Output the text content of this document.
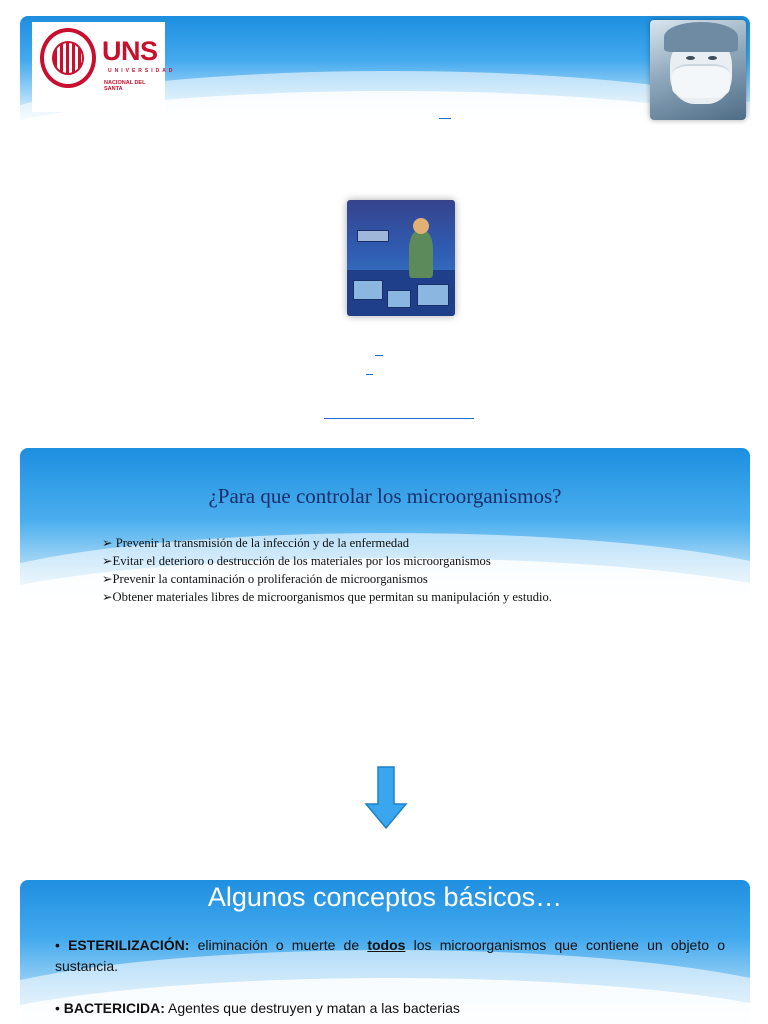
UNS
UNIVERSIDAD
NACIONAL DEL SANTA
¿Para que controlar los microorganismos?
➢ Prevenir la transmisión de la infección y de la enfermedad
➢Evitar el deterioro o destrucción de los materiales por los microorganismos
➢Prevenir la contaminación o proliferación de microorganismos
➢Obtener materiales libres de microorganismos que permitan su manipulación y estudio.
Algunos conceptos básicos…

• ESTERILIZACIÓN: eliminación o muerte de todos los microorganismos que contiene un objeto o sustancia.

• BACTERICIDA: Agentes que destruyen y matan a las bacterias
